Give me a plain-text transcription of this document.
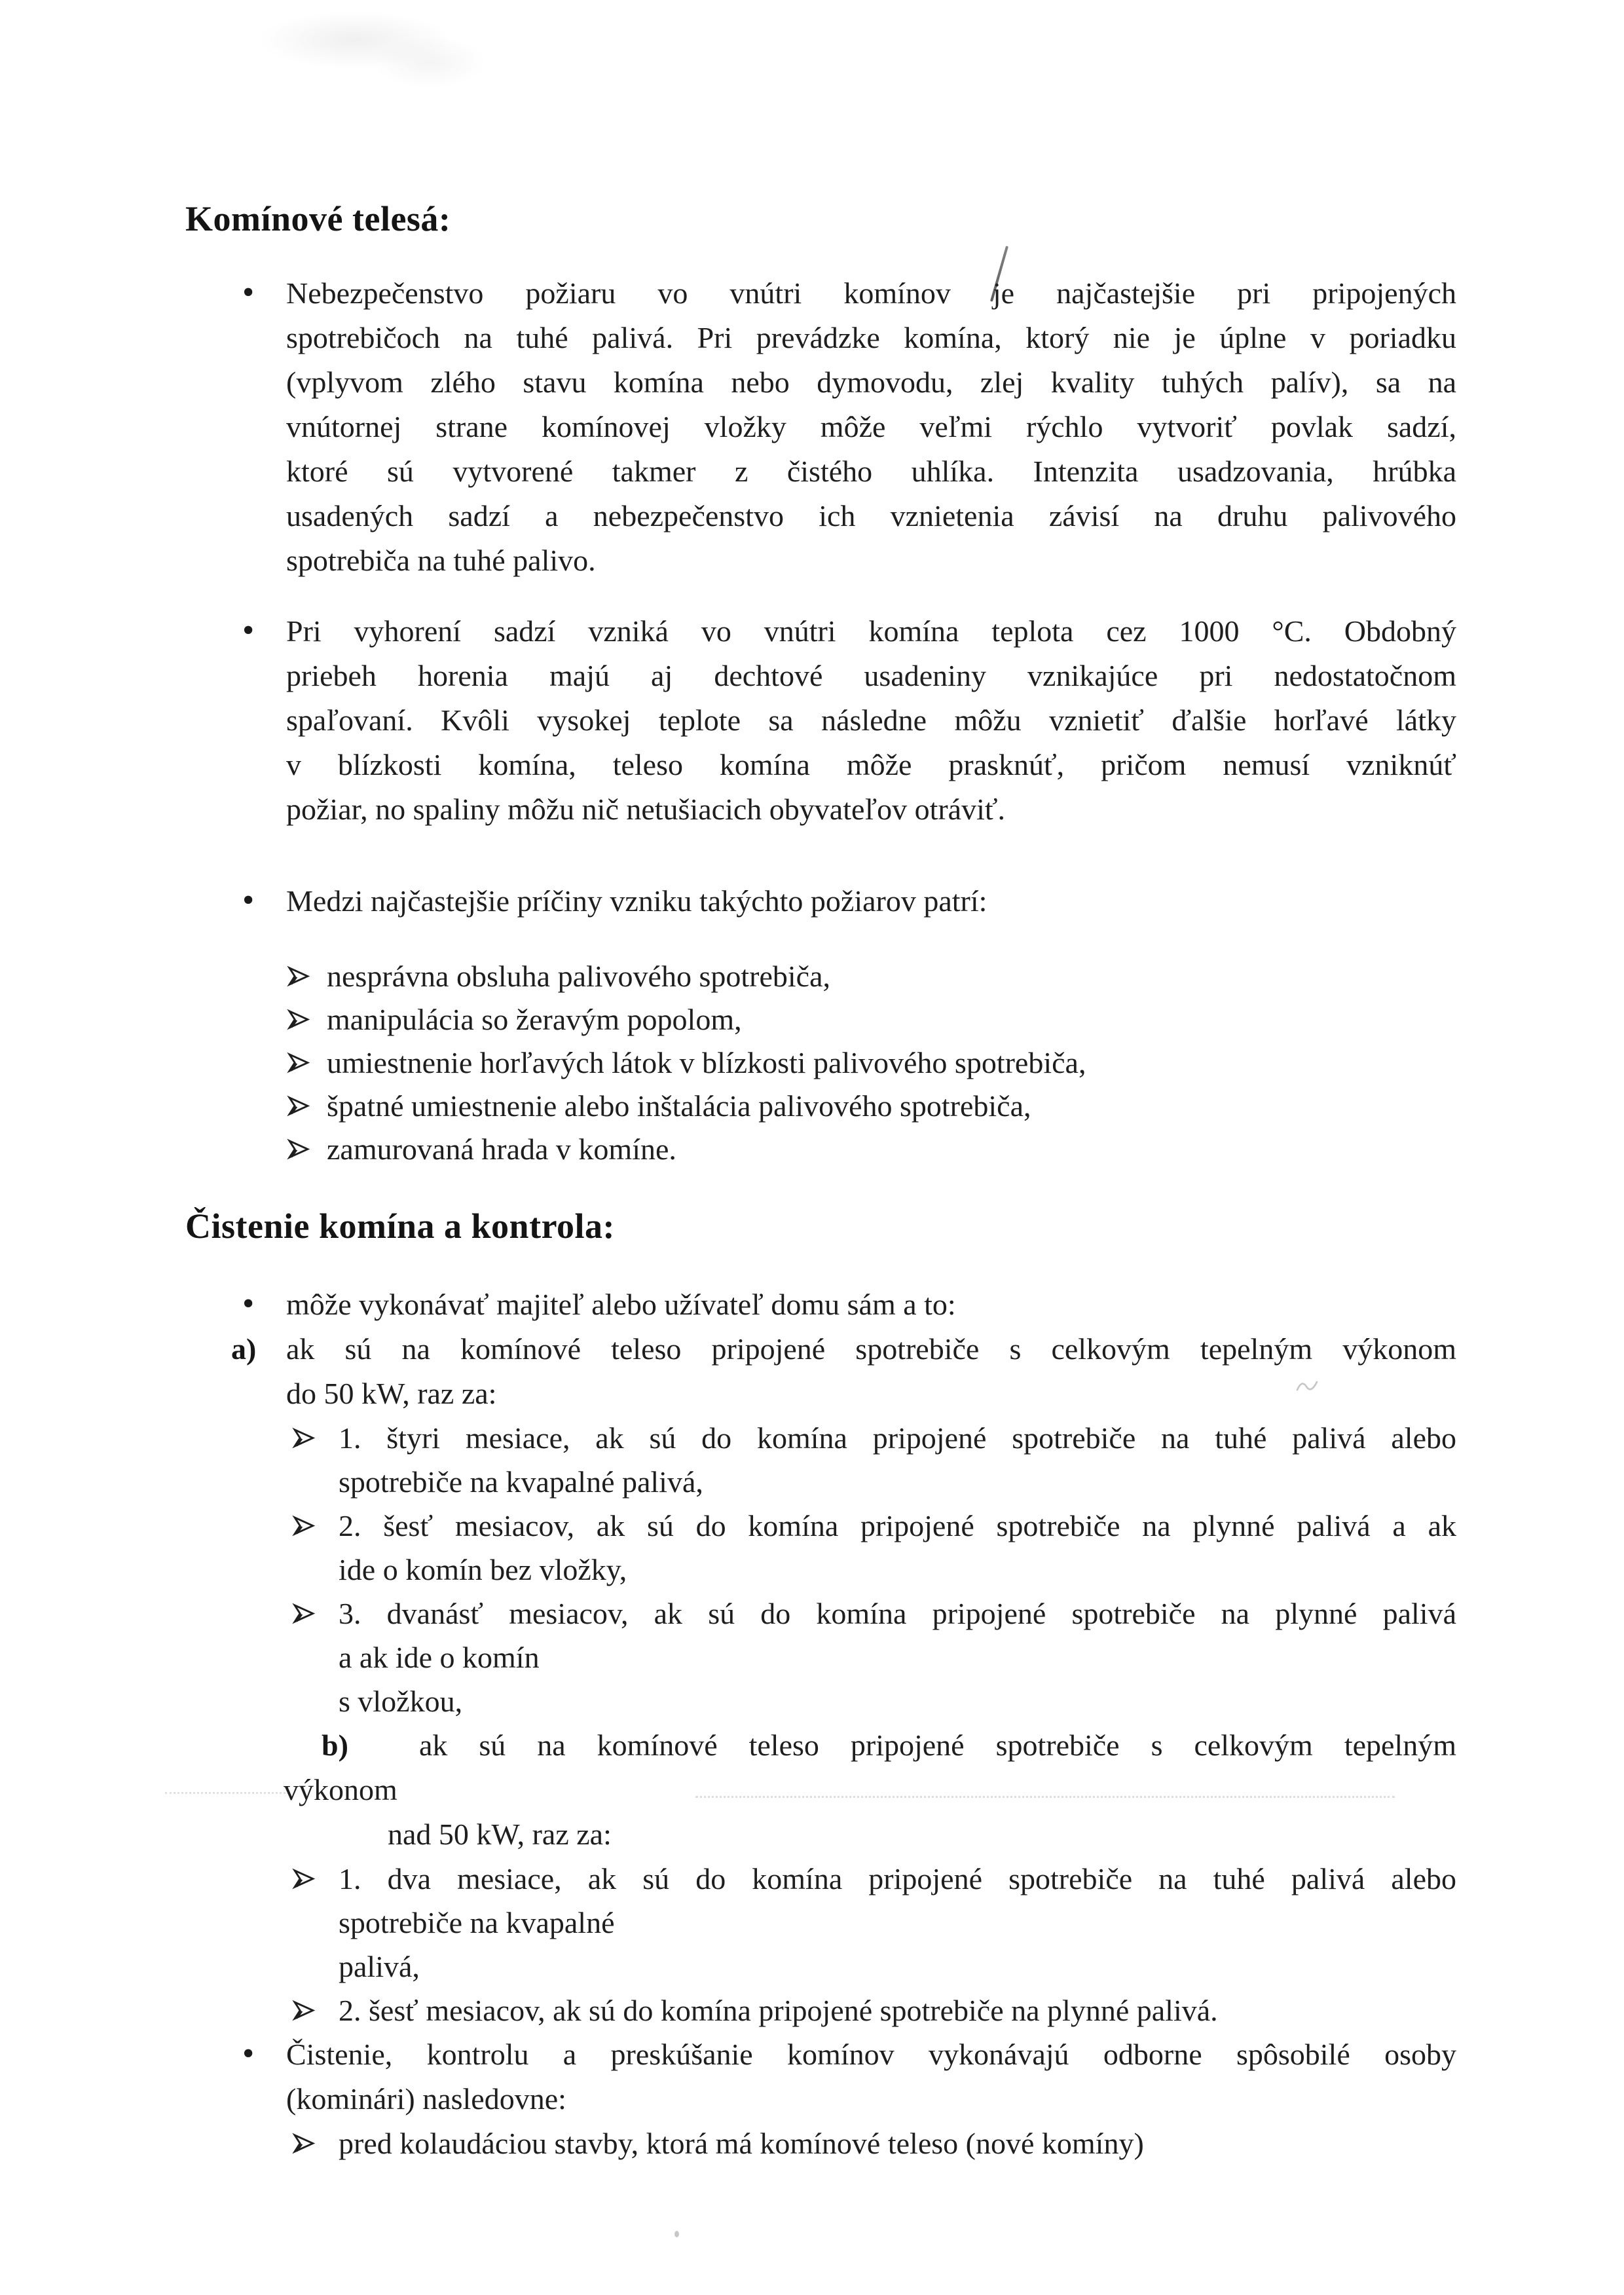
Komínové telesá:
• Nebezpečenstvo požiaru vo vnútri komínov je najčastejšie pri pripojených
spotrebičoch na tuhé palivá. Pri prevádzke komína, ktorý nie je úplne v poriadku
(vplyvom zlého stavu komína nebo dymovodu, zlej kvality tuhých palív), sa na
vnútornej strane komínovej vložky môže veľmi rýchlo vytvoriť povlak sadzí,
ktoré sú vytvorené takmer z čistého uhlíka. Intenzita usadzovania, hrúbka
usadených sadzí a nebezpečenstvo ich vznietenia závisí na druhu palivového
spotrebiča na tuhé palivo.
• Pri vyhorení sadzí vzniká vo vnútri komína teplota cez 1000 °C. Obdobný
priebeh horenia majú aj dechtové usadeniny vznikajúce pri nedostatočnom
spaľovaní. Kvôli vysokej teplote sa následne môžu vznietiť ďalšie horľavé látky
v blízkosti komína, teleso komína môže prasknúť, pričom nemusí vzniknúť
požiar, no spaliny môžu nič netušiacich obyvateľov otráviť.
• Medzi najčastejšie príčiny vzniku takýchto požiarov patrí:
nesprávna obsluha palivového spotrebiča,
manipulácia so žeravým popolom,
umiestnenie horľavých látok v blízkosti palivového spotrebiča,
špatné umiestnenie alebo inštalácia palivového spotrebiča,
zamurovaná hrada v komíne.
Čistenie komína a kontrola:
• môže vykonávať majiteľ alebo užívateľ domu sám a to:
a) ak sú na komínové teleso pripojené spotrebiče s celkovým tepelným výkonom
do 50 kW, raz za:
1. štyri mesiace, ak sú do komína pripojené spotrebiče na tuhé palivá alebo
spotrebiče na kvapalné palivá,
2. šesť mesiacov, ak sú do komína pripojené spotrebiče na plynné palivá a ak
ide o komín bez vložky,
3. dvanásť mesiacov, ak sú do komína pripojené spotrebiče na plynné palivá
a ak ide o komín
s vložkou,
b) ak sú na komínové teleso pripojené spotrebiče s celkovým tepelným
výkonom
nad 50 kW, raz za:
1. dva mesiace, ak sú do komína pripojené spotrebiče na tuhé palivá alebo
spotrebiče na kvapalné
palivá,
2. šesť mesiacov, ak sú do komína pripojené spotrebiče na plynné palivá.
• Čistenie, kontrolu a preskúšanie komínov vykonávajú odborne spôsobilé osoby
(kominári) nasledovne:
pred kolaudáciou stavby, ktorá má komínové teleso (nové komíny)
